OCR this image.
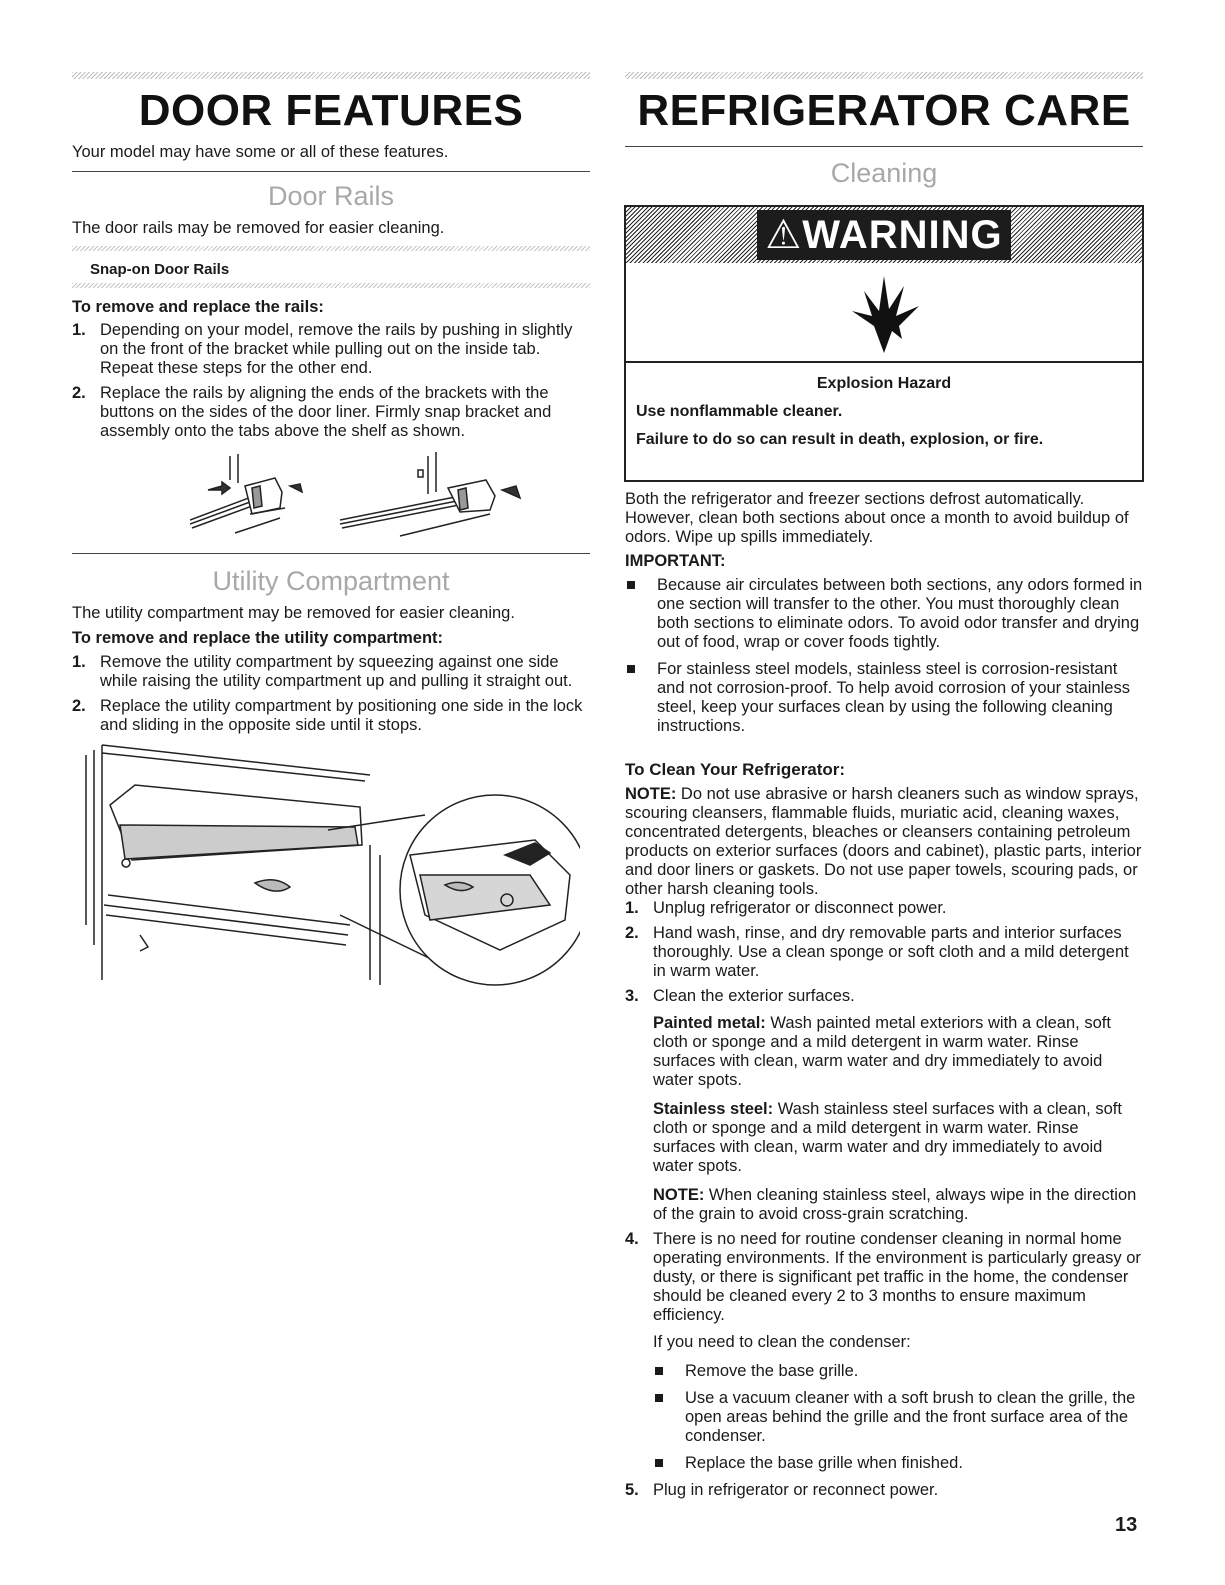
DOOR FEATURES

Your model may have some or all of these features.

Door Rails

The door rails may be removed for easier cleaning.

Snap-on Door Rails

To remove and replace the rails:

1. Depending on your model, remove the rails by pushing in slightly on the front of the bracket while pulling out on the inside tab. Repeat these steps for the other end.
2. Replace the rails by aligning the ends of the brackets with the buttons on the sides of the door liner. Firmly snap bracket and assembly onto the tabs above the shelf as shown.
Utility Compartment

The utility compartment may be removed for easier cleaning.

To remove and replace the utility compartment:

1. Remove the utility compartment by squeezing against one side while raising the utility compartment up and pulling it straight out.
2. Replace the utility compartment by positioning one side in the lock and sliding in the opposite side until it stops.
REFRIGERATOR CARE
Cleaning
⚠WARNING

Explosion Hazard

Use nonflammable cleaner.

Failure to do so can result in death, explosion, or fire.

Both the refrigerator and freezer sections defrost automatically. However, clean both sections about once a month to avoid buildup of odors. Wipe up spills immediately.

IMPORTANT:

Because air circulates between both sections, any odors formed in one section will transfer to the other. You must thoroughly clean both sections to eliminate odors. To avoid odor transfer and drying out of food, wrap or cover foods tightly.
For stainless steel models, stainless steel is corrosion-resistant and not corrosion-proof. To help avoid corrosion of your stainless steel, keep your surfaces clean by using the following cleaning instructions.

To Clean Your Refrigerator:

NOTE: Do not use abrasive or harsh cleaners such as window sprays, scouring cleansers, flammable fluids, muriatic acid, cleaning waxes, concentrated detergents, bleaches or cleansers containing petroleum products on exterior surfaces (doors and cabinet), plastic parts, interior and door liners or gaskets. Do not use paper towels, scouring pads, or other harsh cleaning tools.

1. Unplug refrigerator or disconnect power.
2. Hand wash, rinse, and dry removable parts and interior surfaces thoroughly. Use a clean sponge or soft cloth and a mild detergent in warm water.
3. Clean the exterior surfaces.

Painted metal: Wash painted metal exteriors with a clean, soft cloth or sponge and a mild detergent in warm water. Rinse surfaces with clean, warm water and dry immediately to avoid water spots.

Stainless steel: Wash stainless steel surfaces with a clean, soft cloth or sponge and a mild detergent in warm water. Rinse surfaces with clean, warm water and dry immediately to avoid water spots.

NOTE: When cleaning stainless steel, always wipe in the direction of the grain to avoid cross-grain scratching.

4. There is no need for routine condenser cleaning in normal home operating environments. If the environment is particularly greasy or dusty, or there is significant pet traffic in the home, the condenser should be cleaned every 2 to 3 months to ensure maximum efficiency.

If you need to clean the condenser:

Remove the base grille.
Use a vacuum cleaner with a soft brush to clean the grille, the open areas behind the grille and the front surface area of the condenser.
Replace the base grille when finished.
5. Plug in refrigerator or reconnect power.

13
